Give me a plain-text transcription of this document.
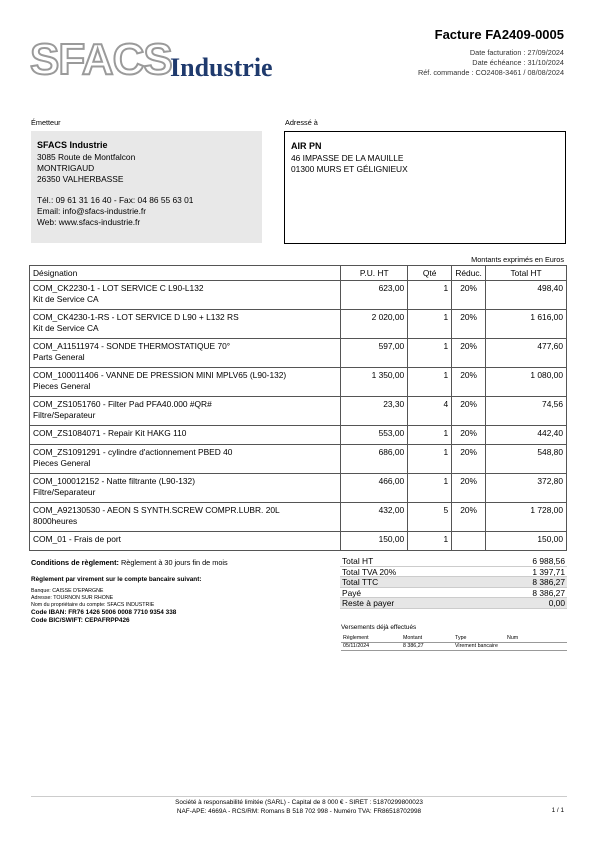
SFACS
Industrie
Facture FA2409-0005
Date facturation : 27/09/2024
Date échéance : 31/10/2024
Réf. commande : CO2408-3461 / 08/08/2024
Émetteur	Adressé à
SFACS Industrie
3085 Route de Montfalcon
MONTRIGAUD
26350 VALHERBASSE
Tél.: 09 61 31 16 40 - Fax: 04 86 55 63 01
Email: info@sfacs-industrie.fr
Web: www.sfacs-industrie.fr
AIR PN
46 IMPASSE DE LA MAUILLE
01300 MURS ET GÉLIGNIEUX
Montants exprimés en Euros
Désignation	P.U. HT	Qté	Réduc.	Total HT

COM_CK2230-1 - LOT SERVICE C L90-L132
Kit de Service CA	623,00	1	20%	498,40

COM_CK4230-1-RS - LOT SERVICE D L90 + L132 RS
Kit de Service CA	2 020,00	1	20%	1 616,00

COM_A11511974 - SONDE THERMOSTATIQUE 70°
Parts General	597,00	1	20%	477,60

COM_100011406 - VANNE DE PRESSION MINI MPLV65 (L90-132)
Pieces General	1 350,00	1	20%	1 080,00

COM_ZS1051760 - Filter Pad PFA40.000 #QR#
Filtre/Separateur	23,30	4	20%	74,56

COM_ZS1084071 - Repair Kit HAKG 110	553,00	1	20%	442,40

COM_ZS1091291 - cylindre d'actionnement PBED 40
Pieces General	686,00	1	20%	548,80

COM_100012152 - Natte filtrante (L90-132)
Filtre/Separateur	466,00	1	20%	372,80

COM_A92130530 - AEON S SYNTH.SCREW COMPR.LUBR. 20L
8000heures	432,00	5	20%	1 728,00

COM_01 - Frais de port	150,00	1		150,00
Conditions de règlement: Règlement à 30 jours fin de mois
Règlement par virement sur le compte bancaire suivant:
Banque: CAISSE D'EPARGNE
Adresse: TOURNON SUR RHONE
Nom du propriétaire du compte: SFACS INDUSTRIE
Code IBAN: FR76 1426 5006 0008 7710 9354 338
Code BIC/SWIFT: CEPAFRPP426
Total HT	6 988,56
Total TVA 20%	1 397,71
Total TTC	8 386,27
Payé	8 386,27
Reste à payer	0,00
Versements déjà effectués
Règlement	Montant	Type	Num
05/11/2024	8 386,27	Virement bancaire	
Société à responsabilité limitée (SARL) - Capital de 8 000 € - SIRET : 51870299800023
NAF-APE: 4669A - RCS/RM: Romans B 518 702 998 - Numéro TVA: FR86518702998	1 / 1
